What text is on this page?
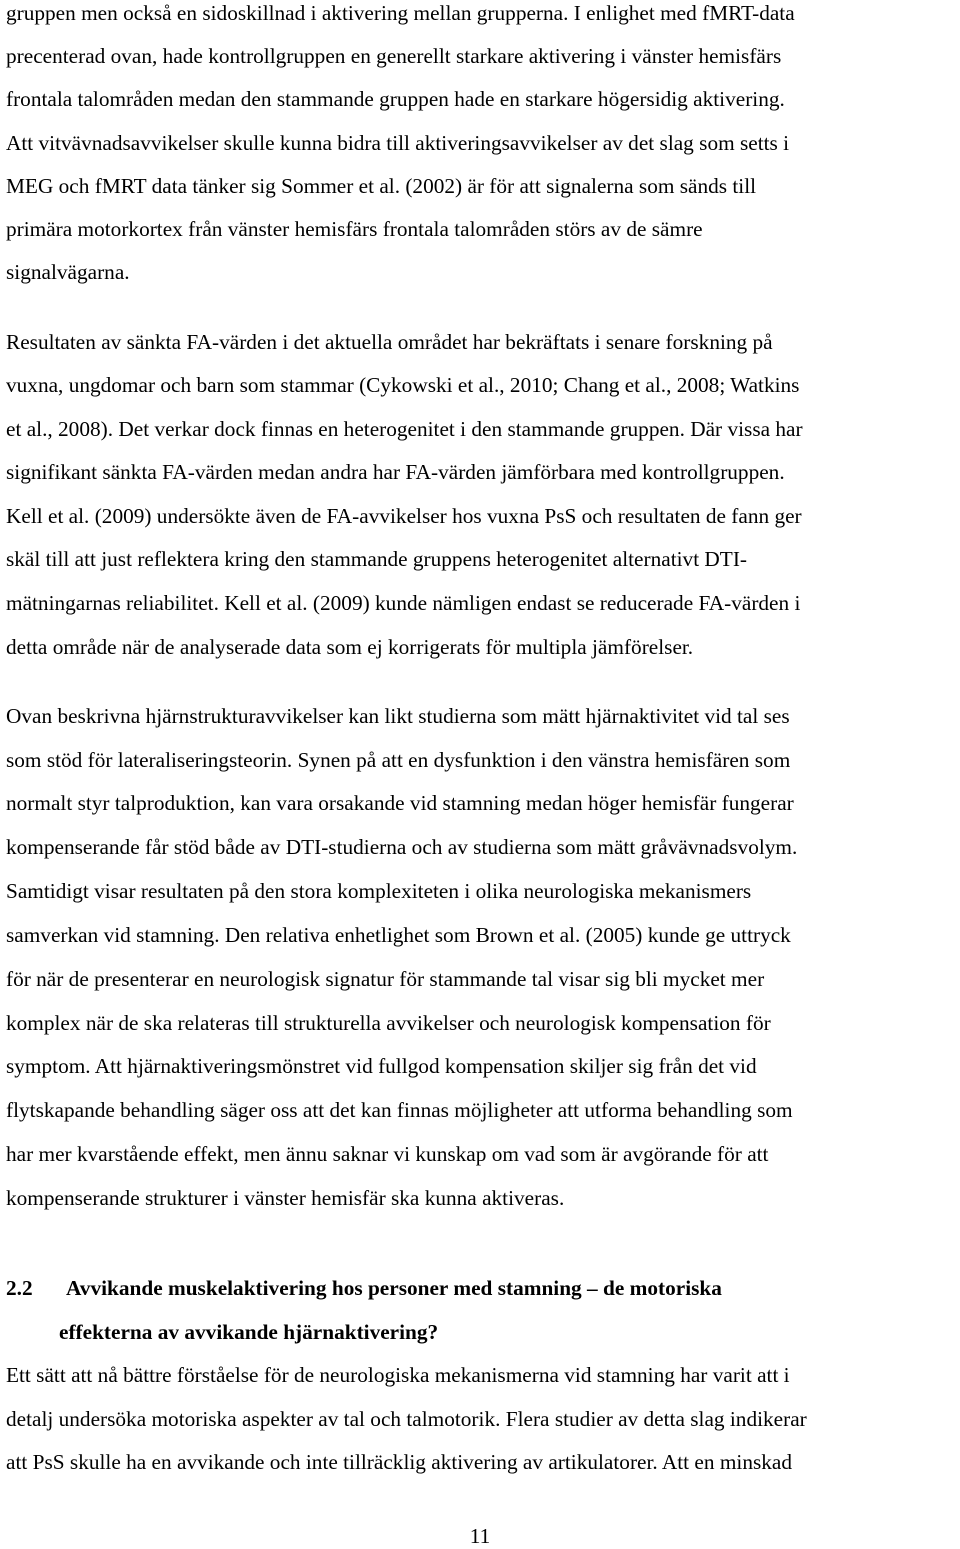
gruppen men också en sidoskillnad i aktivering mellan grupperna. I enlighet med fMRT-data
precenterad ovan, hade kontrollgruppen en generellt starkare aktivering i vänster hemisfärs
frontala talområden medan den stammande gruppen hade en starkare högersidig aktivering.
Att vitvävnadsavvikelser skulle kunna bidra till aktiveringsavvikelser av det slag som setts i
MEG och fMRT data tänker sig Sommer et al. (2002) är för att signalerna som sänds till
primära motorkortex från vänster hemisfärs frontala talområden störs av de sämre
signalvägarna.
Resultaten av sänkta FA-värden i det aktuella området har bekräftats i senare forskning på
vuxna, ungdomar och barn som stammar (Cykowski et al., 2010; Chang et al., 2008; Watkins
et al., 2008). Det verkar dock finnas en heterogenitet i den stammande gruppen. Där vissa har
signifikant sänkta FA-värden medan andra har FA-värden jämförbara med kontrollgruppen.
Kell et al. (2009) undersökte även de FA-avvikelser hos vuxna PsS och resultaten de fann ger
skäl till att just reflektera kring den stammande gruppens heterogenitet alternativt DTI-
mätningarnas reliabilitet. Kell et al. (2009) kunde nämligen endast se reducerade FA-värden i
detta område när de analyserade data som ej korrigerats för multipla jämförelser.
Ovan beskrivna hjärnstrukturavvikelser kan likt studierna som mätt hjärnaktivitet vid tal ses
som stöd för lateraliseringsteorin. Synen på att en dysfunktion i den vänstra hemisfären som
normalt styr talproduktion, kan vara orsakande vid stamning medan höger hemisfär fungerar
kompenserande får stöd både av DTI-studierna och av studierna som mätt gråvävnadsvolym.
Samtidigt visar resultaten på den stora komplexiteten i olika neurologiska mekanismers
samverkan vid stamning. Den relativa enhetlighet som Brown et al. (2005) kunde ge uttryck
för när de presenterar en neurologisk signatur för stammande tal visar sig bli mycket mer
komplex när de ska relateras till strukturella avvikelser och neurologisk kompensation för
symptom. Att hjärnaktiveringsmönstret vid fullgod kompensation skiljer sig från det vid
flytskapande behandling säger oss att det kan finnas möjligheter att utforma behandling som
har mer kvarstående effekt, men ännu saknar vi kunskap om vad som är avgörande för att
kompenserande strukturer i vänster hemisfär ska kunna aktiveras.
2.2 Avvikande muskelaktivering hos personer med stamning – de motoriska
effekterna av avvikande hjärnaktivering?
Ett sätt att nå bättre förståelse för de neurologiska mekanismerna vid stamning har varit att i
detalj undersöka motoriska aspekter av tal och talmotorik. Flera studier av detta slag indikerar
att PsS skulle ha en avvikande och inte tillräcklig aktivering av artikulatorer. Att en minskad
11
